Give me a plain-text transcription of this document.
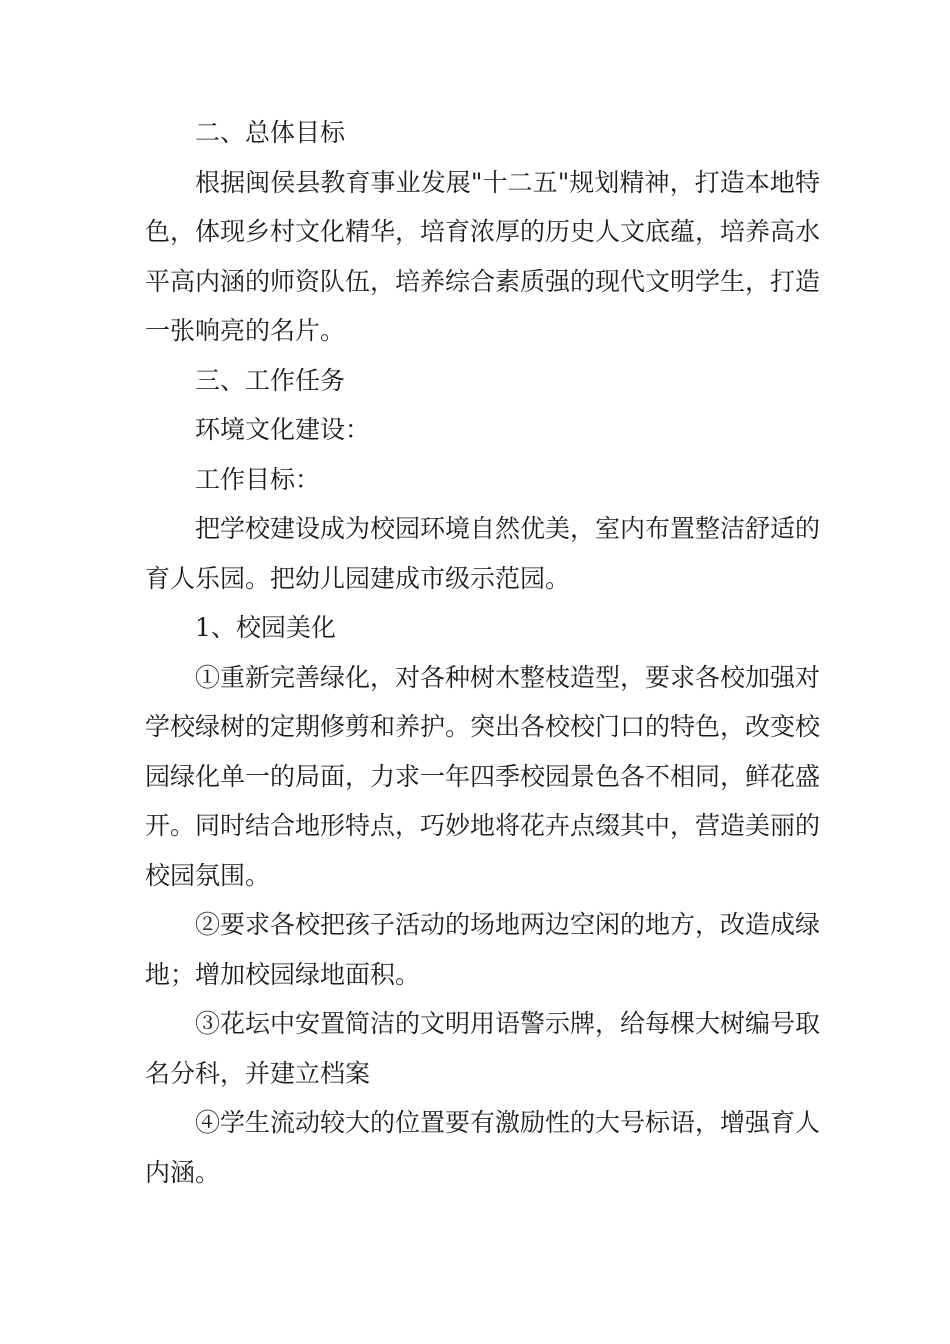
二、总体目标

根据闽侯县教育事业发展"十二五"规划精神，打造本地特色，体现乡村文化精华，培育浓厚的历史人文底蕴，培养高水平高内涵的师资队伍，培养综合素质强的现代文明学生，打造一张响亮的名片。

三、工作任务

环境文化建设：

工作目标：

把学校建设成为校园环境自然优美，室内布置整洁舒适的育人乐园。把幼儿园建成市级示范园。

1、校园美化

①重新完善绿化，对各种树木整枝造型，要求各校加强对学校绿树的定期修剪和养护。突出各校校门口的特色，改变校园绿化单一的局面，力求一年四季校园景色各不相同，鲜花盛开。同时结合地形特点，巧妙地将花卉点缀其中，营造美丽的校园氛围。

②要求各校把孩子活动的场地两边空闲的地方，改造成绿地；增加校园绿地面积。

③花坛中安置简洁的文明用语警示牌，给每棵大树编号取名分科，并建立档案

④学生流动较大的位置要有激励性的大号标语，增强育人内涵。
